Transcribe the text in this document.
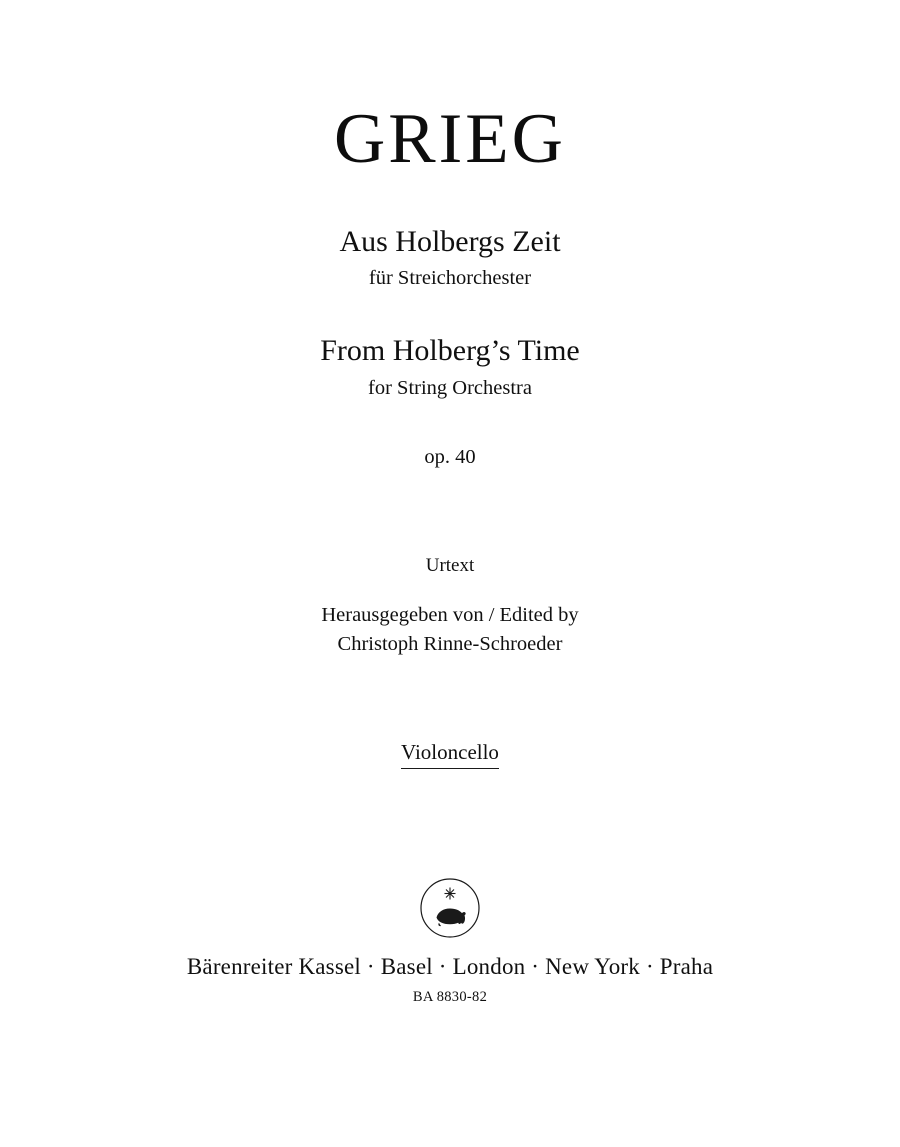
GRIEG
Aus Holbergs Zeit
für Streichorchester
From Holberg’s Time
for String Orchestra
op. 40
Urtext
Herausgegeben von / Edited by
Christoph Rinne-Schroeder
Violoncello
Bärenreiter Kassel · Basel · London · New York · Praha
BA 8830-82
